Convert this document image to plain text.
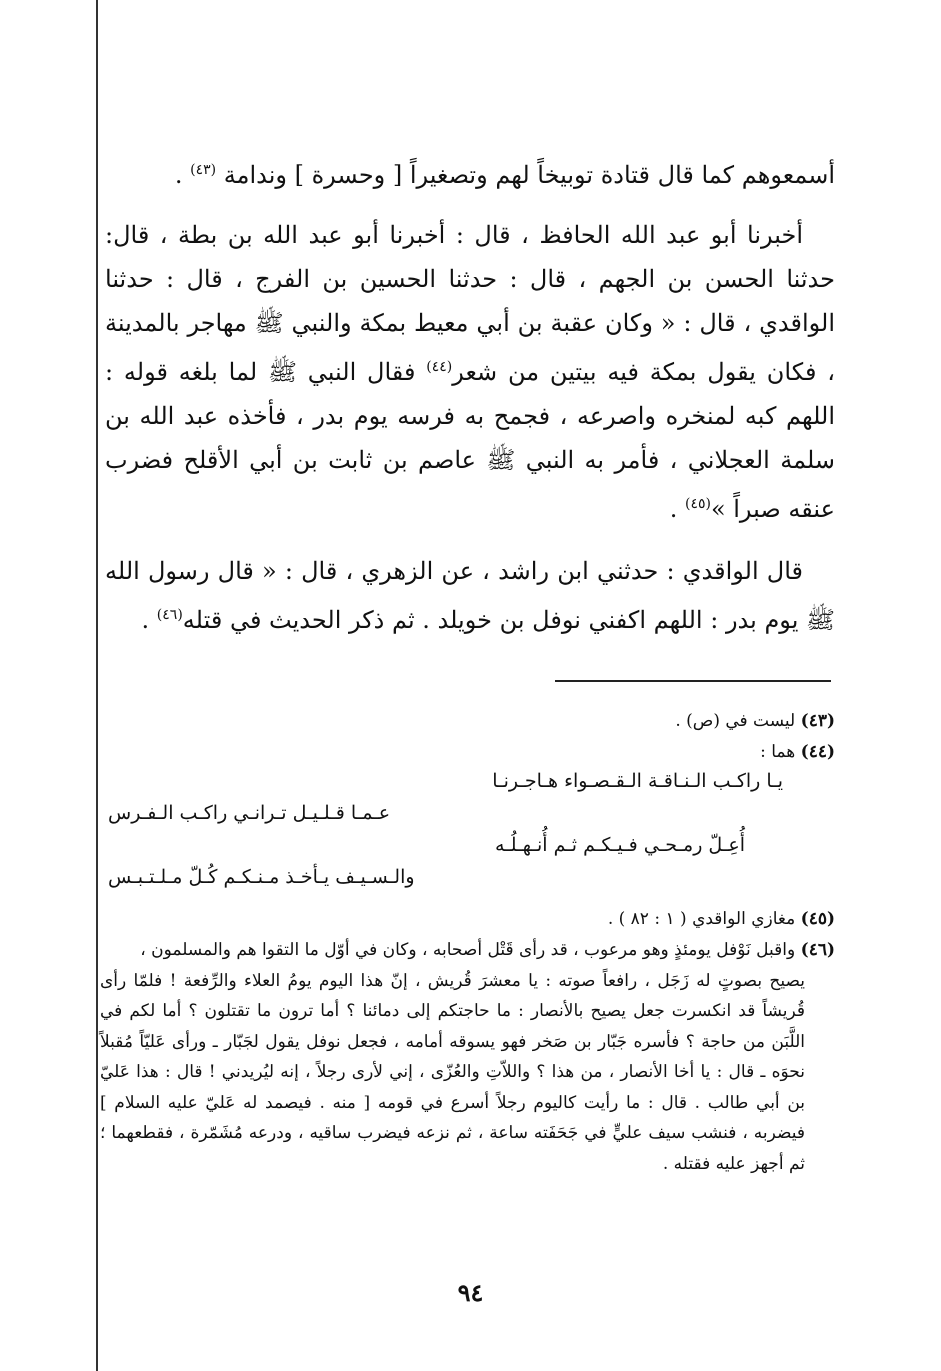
أسمعوهم كما قال قتادة توبيخاً لهم وتصغيراً [ وحسرة ] وندامة $^{(٤٣)}$ .

أخبرنا أبو عبد الله الحافظ ، قال : أخبرنا أبو عبد الله بن بطة ، قال: حدثنا الحسن بن الجهم ، قال : حدثنا الحسين بن الفرج ، قال : حدثنا الواقدي ، قال : « وكان عقبة بن أبي معيط بمكة والنبي ﷺ مهاجر بالمدينة ، فكان يقول بمكة فيه بيتين من شعر$^{(٤٤)}$ فقال النبي ﷺ لما بلغه قوله : اللهم كبه لمنخره واصرعه ، فجمح به فرسه يوم بدر ، فأخذه عبد الله بن سلمة العجلاني ، فأمر به النبي ﷺ عاصم بن ثابت بن أبي الأقلح فضرب عنقه صبراً »$^{(٤٥)}$ .

قال الواقدي : حدثني ابن راشد ، عن الزهري ، قال : « قال رسول الله ﷺ يوم بدر : اللهم اكفني نوفل بن خويلد . ثم ذكر الحديث في قتله$^{(٤٦)}$ .

(٤٣) ليست في (ص) .

(٤٤) هما :

يـا راكـب الـنـاقـة الـقـصـواء هـاجـرنـا
عـمـا قـلـيـل تـرانـي راكـب الـفـرس
أُعِـلّ رمـحـي فـيـكـم ثـم أُنـهـلُـه
والـسـيـف يـأخـذ مـنـكـم كُـلّ مـلـتـبـس

(٤٥) مغازي الواقدي ( ١ : ٨٢ ) .

(٤٦) واقبل نَوْفل يومئذٍ وهو مرعوب ، قد رأى قَتْل أصحابه ، وكان في أوّل ما التقوا هم والمسلمون ،

يصيح بصوتٍ له زَجَل ، رافعاً صوته : يا معشرَ قُريش ، إنّ هذا اليوم يومُ العلاء والرِّفعة ! فلمّا رأى قُريشاً قد انكسرت جعل يصيح بالأنصار : ما حاجتكم إلى دمائنا ؟ أما ترون ما تقتلون ؟ أما لكم في اللَّبَن من حاجة ؟ فأسره جَبّار بن صَخر فهو يسوقه أمامه ، فجعل نوفل يقول لجَبّار ـ ورأى عَليّاً مُقبلاً نحوَه ـ قال : يا أخا الأنصار ، من هذا ؟ واللاّتِ والعُزّى ، إني لأرى رجلاً ، إنه ليُريدني ! قال : هذا عَليّ بن أبي طالب . قال : ما رأيت كاليوم رجلاً أسرع في قومه [ منه . فيصمد له عَليّ عليه السلام ] فيضربه ، فنشب سيف عليٍّ في جَحَفَته ساعة ، ثم نزعه فيضرب ساقيه ، ودرعه مُشَمّرة ، فقطعهما ؛ ثم أجهز عليه فقتله .

٩٤
